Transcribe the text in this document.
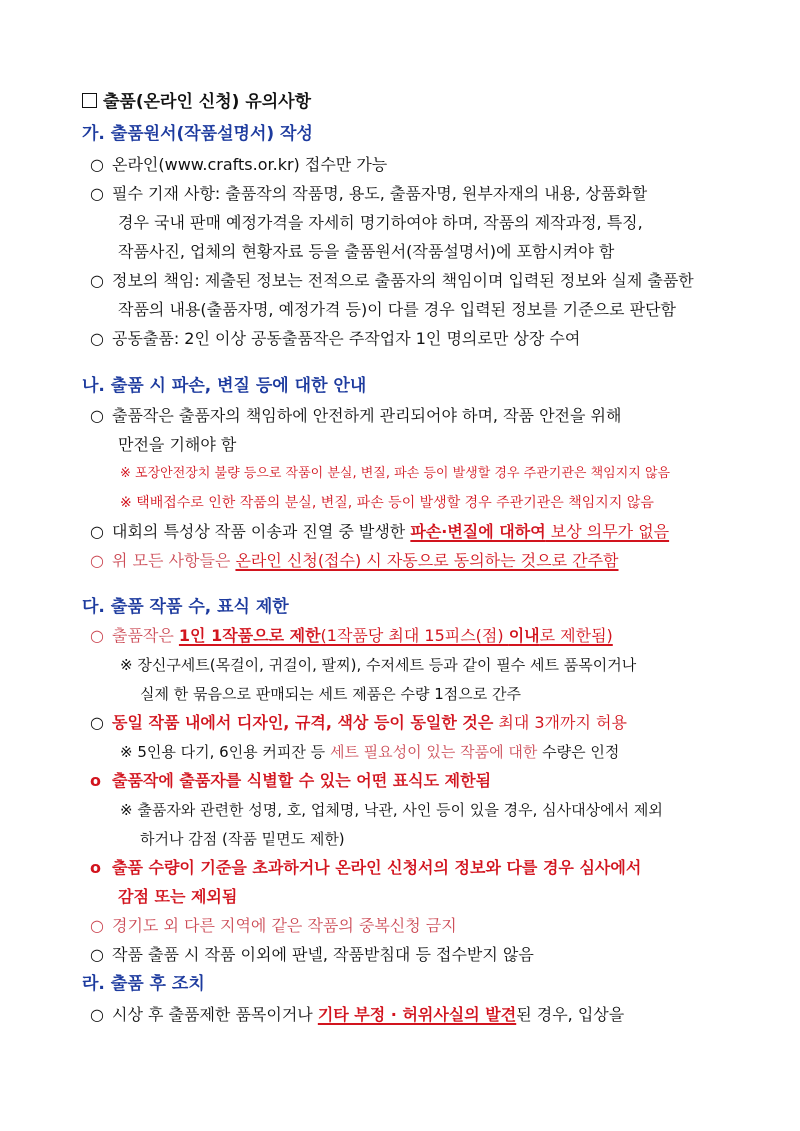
출품(온라인 신청) 유의사항
가. 출품원서(작품설명서) 작성
○ 온라인(www.crafts.or.kr) 접수만 가능
○ 필수 기재 사항: 출품작의 작품명, 용도, 출품자명, 원부자재의 내용, 상품화할
경우 국내 판매 예정가격을 자세히 명기하여야 하며, 작품의 제작과정, 특징,
작품사진, 업체의 현황자료 등을 출품원서(작품설명서)에 포함시켜야 함
○ 정보의 책임: 제출된 정보는 전적으로 출품자의 책임이며 입력된 정보와 실제 출품한
작품의 내용(출품자명, 예정가격 등)이 다를 경우 입력된 정보를 기준으로 판단함
○ 공동출품: 2인 이상 공동출품작은 주작업자 1인 명의로만 상장 수여
나. 출품 시 파손, 변질 등에 대한 안내
○ 출품작은 출품자의 책임하에 안전하게 관리되어야 하며, 작품 안전을 위해
만전을 기해야 함
※ 포장안전장치 불량 등으로 작품이 분실, 변질, 파손 등이 발생할 경우 주관기관은 책임지지 않음
※ 택배접수로 인한 작품의 분실, 변질, 파손 등이 발생할 경우 주관기관은 책임지지 않음
○ 대회의 특성상 작품 이송과 진열 중 발생한 파손·변질에 대하여 보상 의무가 없음
○ 위 모든 사항들은 온라인 신청(접수) 시 자동으로 동의하는 것으로 간주함
다. 출품 작품 수, 표식 제한
○ 출품작은 1인 1작품으로 제한(1작품당 최대 15피스(점) 이내로 제한됨)
※ 장신구세트(목걸이, 귀걸이, 팔찌), 수저세트 등과 같이 필수 세트 품목이거나
실제 한 묶음으로 판매되는 세트 제품은 수량 1점으로 간주
○ 동일 작품 내에서 디자인, 규격, 색상 등이 동일한 것은 최대 3개까지 허용
※ 5인용 다기, 6인용 커피잔 등 세트 필요성이 있는 작품에 대한 수량은 인정
o 출품작에 출품자를 식별할 수 있는 어떤 표식도 제한됨
※ 출품자와 관련한 성명, 호, 업체명, 낙관, 사인 등이 있을 경우, 심사대상에서 제외
하거나 감점 (작품 밑면도 제한)
o 출품 수량이 기준을 초과하거나 온라인 신청서의 정보와 다를 경우 심사에서
감점 또는 제외됨
○ 경기도 외 다른 지역에 같은 작품의 중복신청 금지
○ 작품 출품 시 작품 이외에 판넬, 작품받침대 등 접수받지 않음
라. 출품 후 조치
○ 시상 후 출품제한 품목이거나 기타 부정 · 허위사실의 발견된 경우, 입상을
